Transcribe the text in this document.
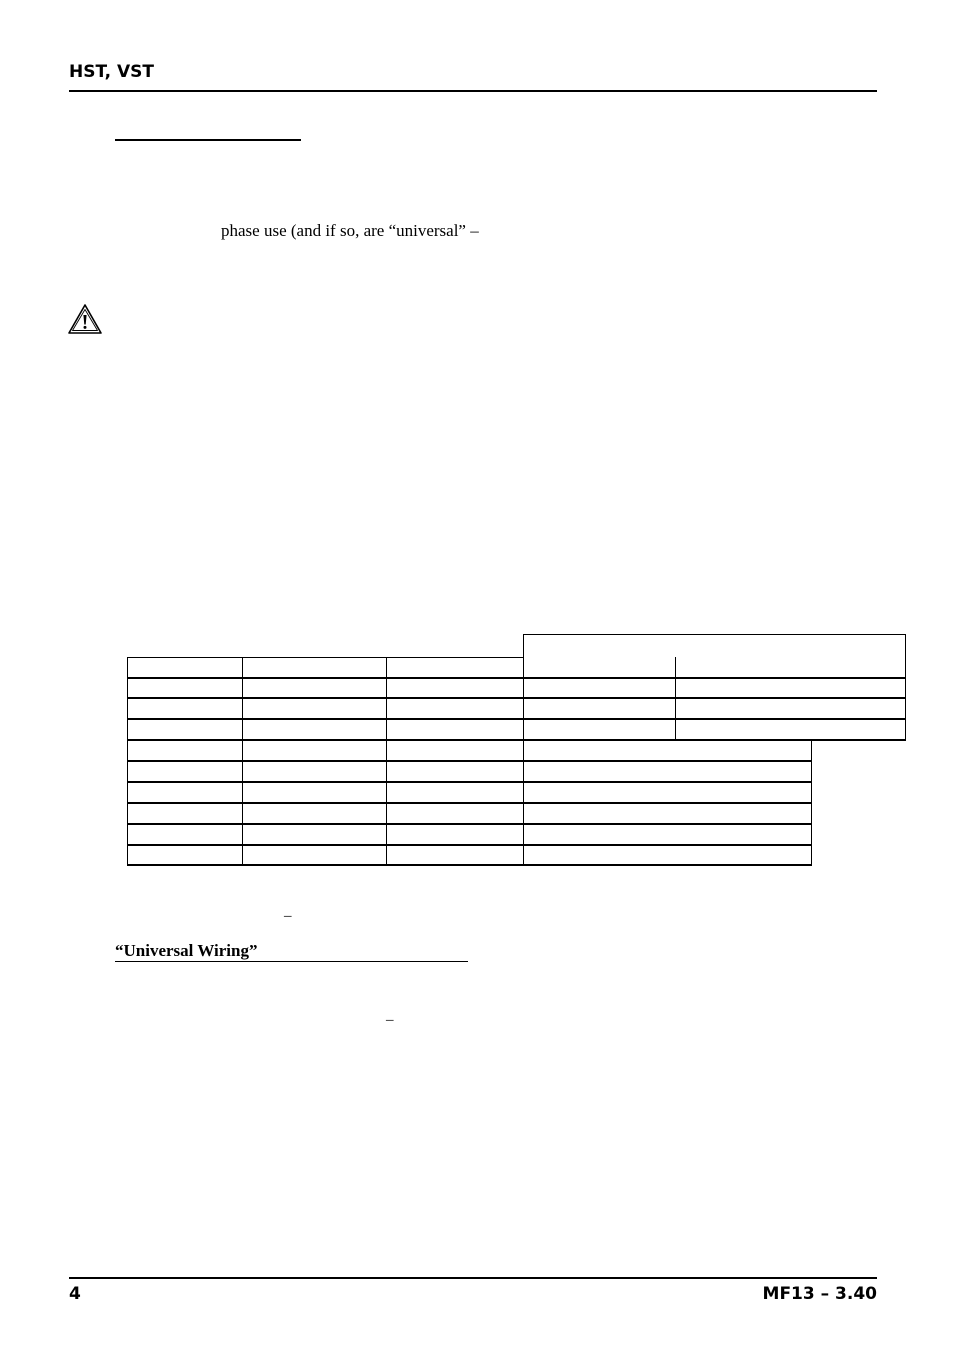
HST, VST
phase use (and if so, are “universal” –
–
“Universal Wiring”
–
4	MF13 – 3.40
